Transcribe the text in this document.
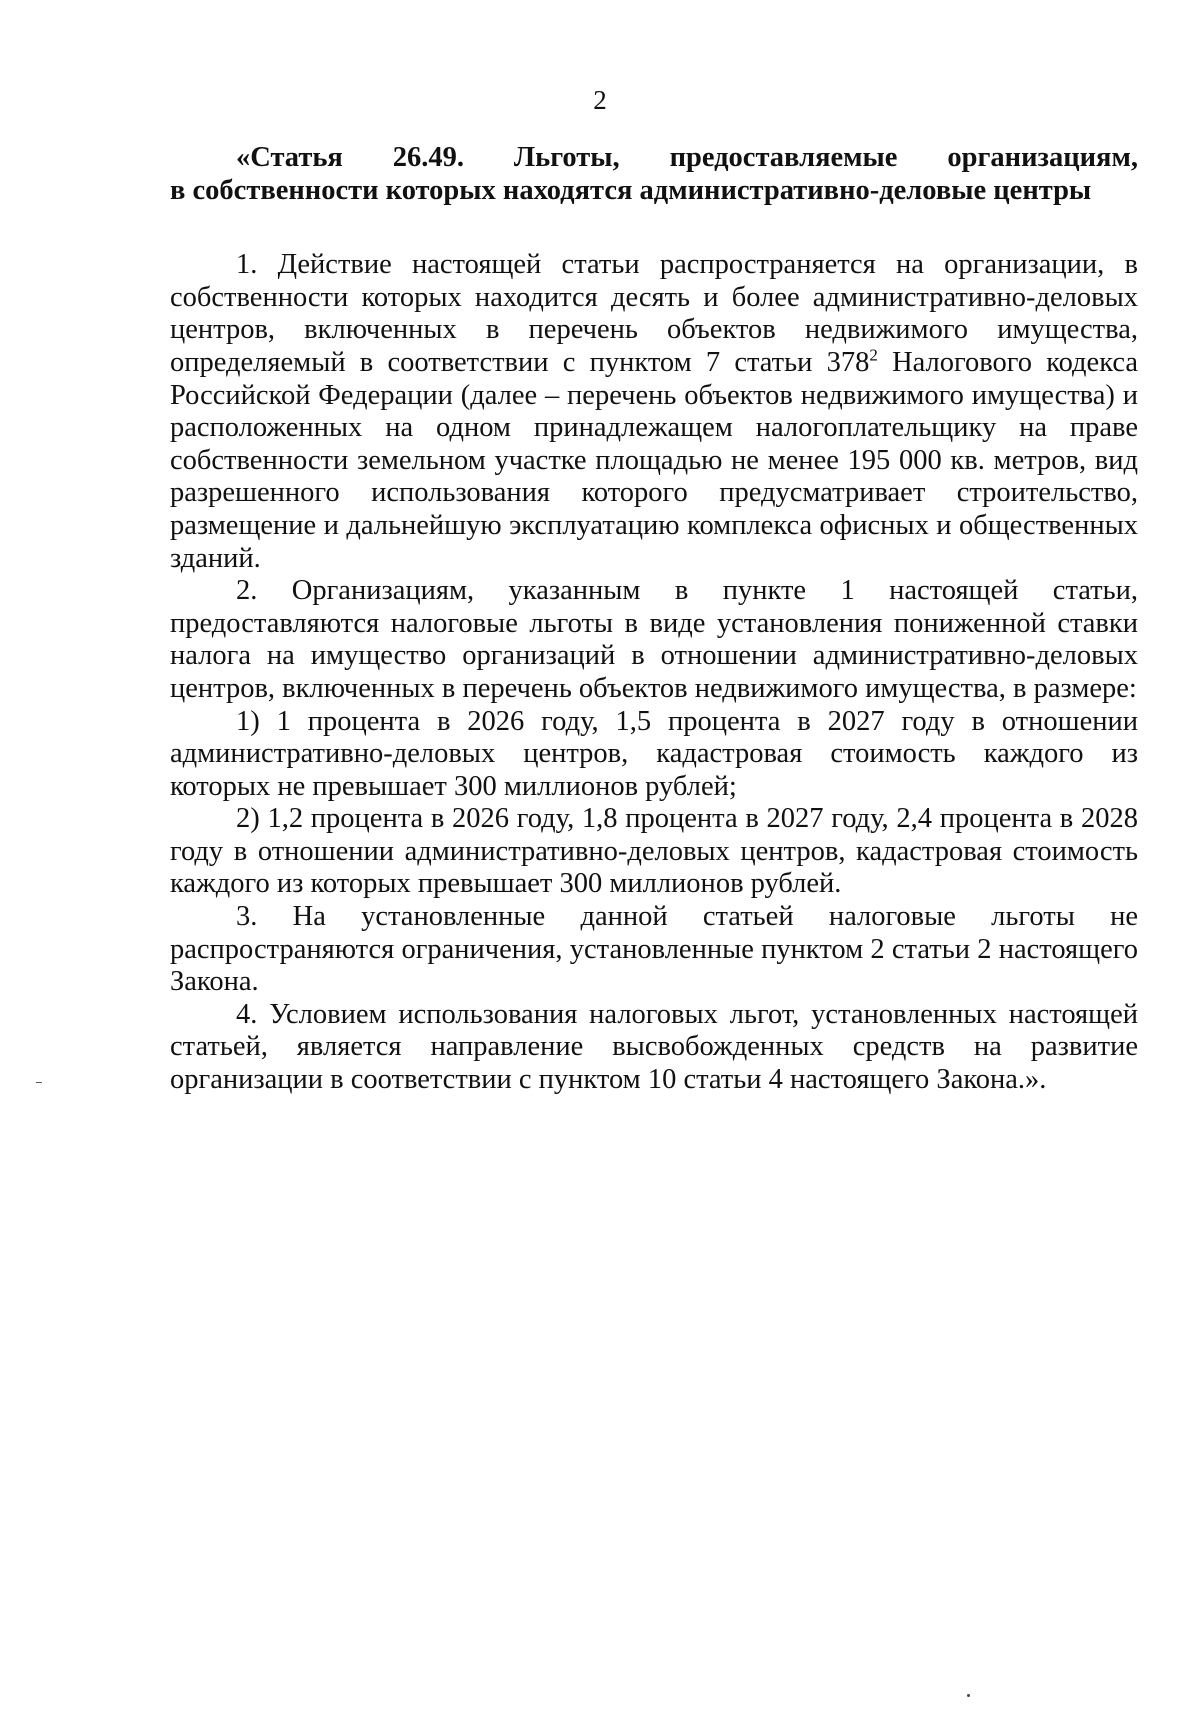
2

«Статья 26.49. Льготы, предоставляемые организациям,
в собственности которых находятся административно-деловые центры

1. Действие настоящей статьи распространяется на организации, в собственности которых находится десять и более административно-деловых центров, включенных в перечень объектов недвижимого имущества, определяемый в соответствии с пунктом 7 статьи $378^2$ Налогового кодекса Российской Федерации (далее – перечень объектов недвижимого имущества) и расположенных на одном принадлежащем налогоплательщику на праве собственности земельном участке площадью не менее 195 000 кв. метров, вид разрешенного использования которого предусматривает строительство, размещение и дальнейшую эксплуатацию комплекса офисных и общественных зданий.

2. Организациям, указанным в пункте 1 настоящей статьи, предоставляются налоговые льготы в виде установления пониженной ставки налога на имущество организаций в отношении административно-деловых центров, включенных в перечень объектов недвижимого имущества, в размере:

1) 1 процента в 2026 году, 1,5 процента в 2027 году в отношении административно-деловых центров, кадастровая стоимость каждого из которых не превышает 300 миллионов рублей;

2) 1,2 процента в 2026 году, 1,8 процента в 2027 году, 2,4 процента в 2028 году в отношении административно-деловых центров, кадастровая стоимость каждого из которых превышает 300 миллионов рублей.

3. На установленные данной статьей налоговые льготы не распространяются ограничения, установленные пунктом 2 статьи 2 настоящего Закона.

4. Условием использования налоговых льгот, установленных настоящей статьей, является направление высвобожденных средств на развитие организации в соответствии с пунктом 10 статьи 4 настоящего Закона.».
